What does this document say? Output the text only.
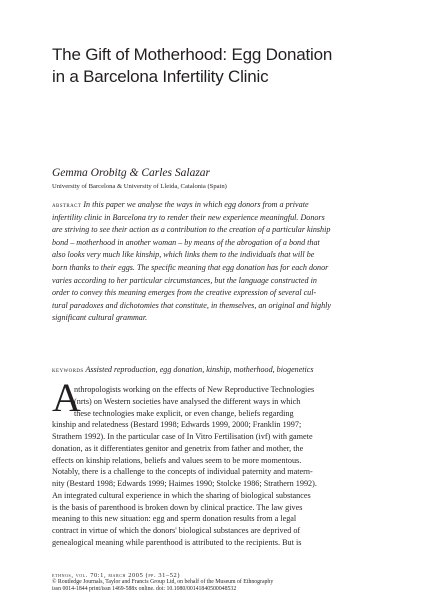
The Gift of Motherhood: Egg Donation
in a Barcelona Infertility Clinic
Gemma Orobitg & Carles Salazar
University of Barcelona & University of Lleida, Catalonia (Spain)
abstract In this paper we analyse the ways in which egg donors from a private
infertility clinic in Barcelona try to render their new experience meaningful. Donors
are striving to see their action as a contribution to the creation of a particular kinship
bond – motherhood in another woman – by means of the abrogation of a bond that
also looks very much like kinship, which links them to the individuals that will be
born thanks to their eggs. The specific meaning that egg donation has for each donor
varies according to her particular circumstances, but the language constructed in
order to convey this meaning emerges from the creative expression of several cul-
tural paradoxes and dichotomies that constitute, in themselves, an original and highly
significant cultural grammar.
keywords Assisted reproduction, egg donation, kinship, motherhood, biogenetics
A
nthropologists working on the effects of New Reproductive Technologies
(nrts) on Western societies have analysed the different ways in which
these technologies make explicit, or even change, beliefs regarding
kinship and relatedness (Bestard 1998; Edwards 1999, 2000; Franklin 1997;
Strathern 1992). In the particular case of In Vitro Fertilisation (ivf) with gamete
donation, as it differentiates genitor and genetrix from father and mother, the
effects on kinship relations, beliefs and values seem to be more momentous.
Notably, there is a challenge to the concepts of individual paternity and matern-
nity (Bestard 1998; Edwards 1999; Haimes 1990; Stolcke 1986; Strathern 1992).
An integrated cultural experience in which the sharing of biological substances
is the basis of parenthood is broken down by clinical practice. The law gives
meaning to this new situation: egg and sperm donation results from a legal
contract in virtue of which the donors' biological substances are deprived of
genealogical meaning while parenthood is attributed to the recipients. But is
ethnos, vol. 70:1, march 2005 (pp. 31–52)
© Routledge Journals, Taylor and Francis Group Ltd, on behalf of the Museum of Ethnography
issn 0014-1844 print/issn 1469-588x online. doi: 10.1080/00141840500048532
